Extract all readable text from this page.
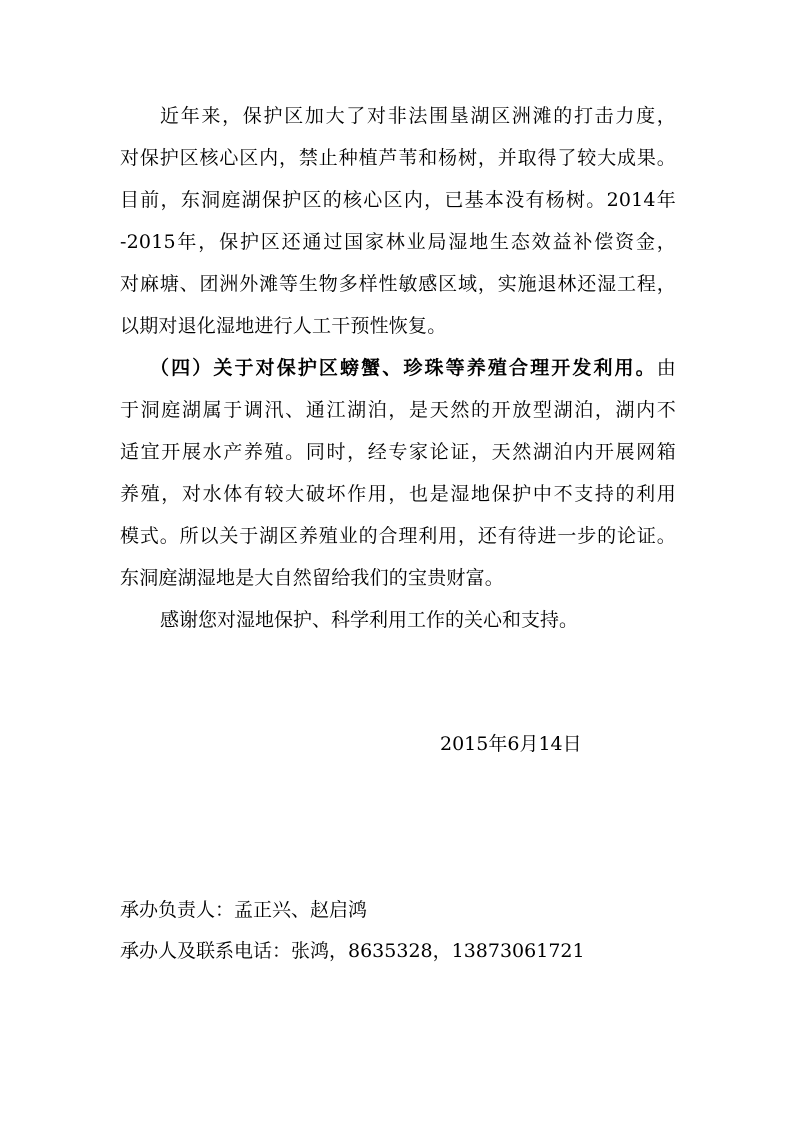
近年来，保护区加大了对非法围垦湖区洲滩的打击力度，
对保护区核心区内，禁止种植芦苇和杨树，并取得了较大成果。
目前，东洞庭湖保护区的核心区内，已基本没有杨树。2014年
-2015年，保护区还通过国家林业局湿地生态效益补偿资金，
对麻塘、团洲外滩等生物多样性敏感区域，实施退林还湿工程，
以期对退化湿地进行人工干预性恢复。
（四）关于对保护区螃蟹、珍珠等养殖合理开发利用。由
于洞庭湖属于调汛、通江湖泊，是天然的开放型湖泊，湖内不
适宜开展水产养殖。同时，经专家论证，天然湖泊内开展网箱
养殖，对水体有较大破坏作用，也是湿地保护中不支持的利用
模式。所以关于湖区养殖业的合理利用，还有待进一步的论证。
东洞庭湖湿地是大自然留给我们的宝贵财富。
感谢您对湿地保护、科学利用工作的关心和支持。
2015年6月14日
承办负责人：孟正兴、赵启鸿
承办人及联系电话：张鸿，8635328，13873061721
